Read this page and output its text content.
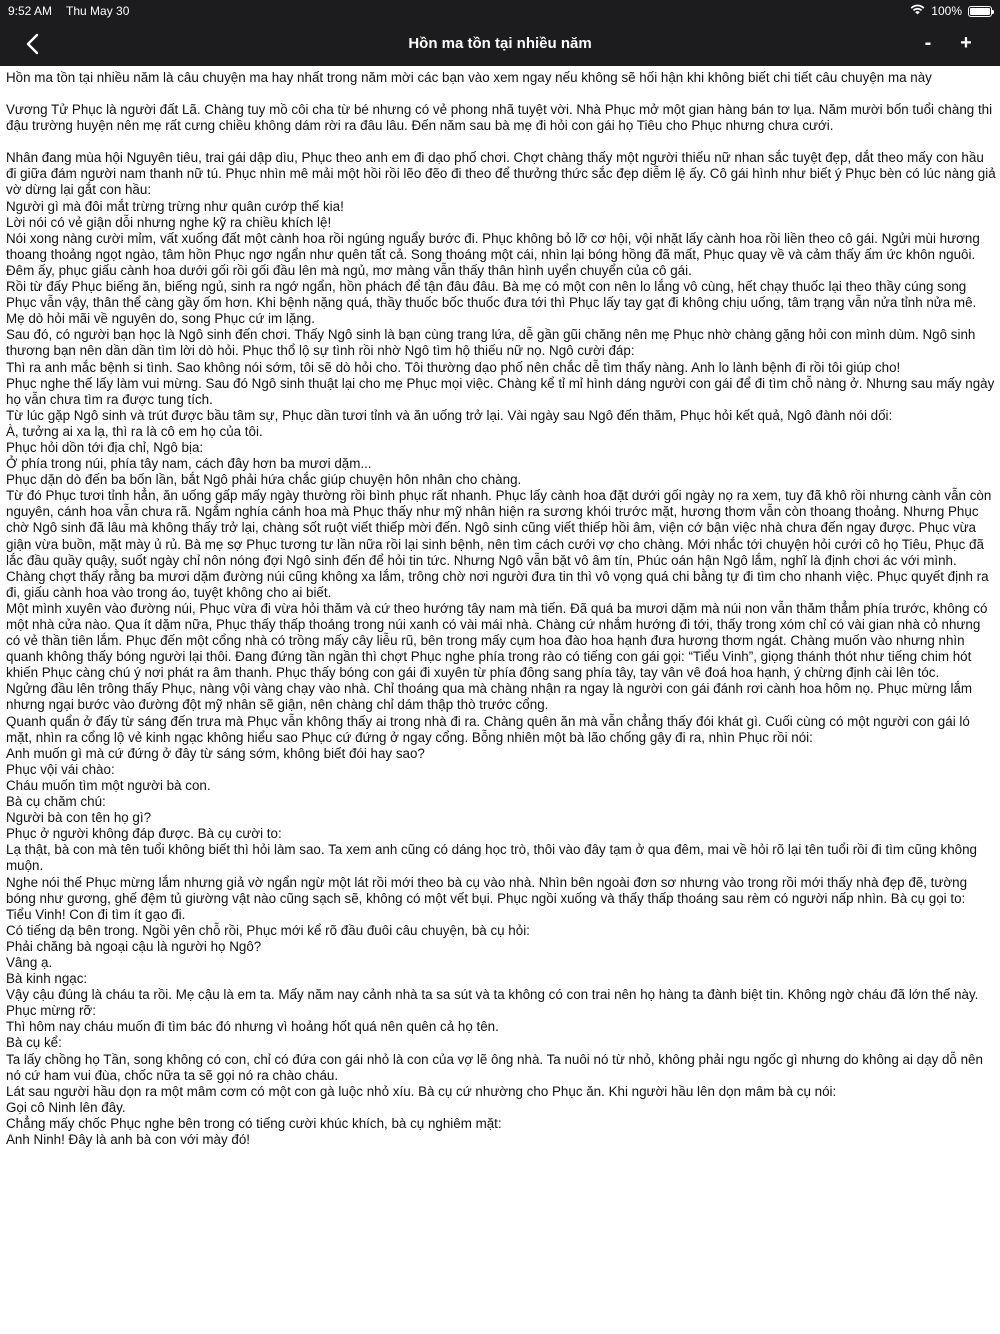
9:52 AM Thu May 30	100%
Hồn ma tồn tại nhiều năm	-	+

Hồn ma tồn tại nhiều năm là câu chuyện ma hay nhất trong năm mời các bạn vào xem ngay nếu không sẽ hối hận khi không biết chi tiết câu chuyện ma này

Vương Tử Phục là người đất Lã. Chàng tuy mồ côi cha từ bé nhưng có vẻ phong nhã tuyệt vời. Nhà Phục mở một gian hàng bán tơ lụa. Năm mười bốn tuổi chàng thi đậu trường huyện nên mẹ rất cưng chiều không dám rời ra đâu lâu. Đến năm sau bà mẹ đi hỏi con gái họ Tiêu cho Phục nhưng chưa cưới.

Nhân đang mùa hội Nguyên tiêu, trai gái dập dìu, Phục theo anh em đi dạo phố chơi. Chợt chàng thấy một người thiếu nữ nhan sắc tuyệt đẹp, dắt theo mấy con hầu đi giữa đám người nam thanh nữ tú. Phục nhìn mê mải một hồi rồi lẽo đẽo đi theo để thưởng thức sắc đẹp diễm lệ ấy. Cô gái hình như biết ý Phục bèn có lúc nàng giả vờ dừng lại gắt con hầu:

Người gì mà đôi mắt trừng trừng như quân cướp thế kia!

Lời nói có vẻ giận dỗi nhưng nghe kỹ ra chiều khích lệ!

Nói xong nàng cười mỉm, vất xuống đất một cành hoa rồi ngúng nguẩy bước đi. Phục không bỏ lỡ cơ hội, vội nhặt lấy cành hoa rồi liền theo cô gái. Ngửi mùi hương thoang thoảng ngọt ngào, tâm hồn Phục ngơ ngẩn như quên tất cả. Song thoáng một cái, nhìn lại bóng hồng đã mất, Phục quay về và cảm thấy ấm ức khôn nguôi. Đêm ấy, phục giấu cành hoa dưới gối rồi gối đầu lên mà ngủ, mơ màng vẫn thấy thân hình uyển chuyển của cô gái.

Rồi từ đấy Phục biếng ăn, biếng ngủ, sinh ra ngớ ngẩn, hồn phách để tận đâu đâu. Bà mẹ có một con nên lo lắng vô cùng, hết chạy thuốc lại theo thầy cúng song Phục vẫn vậy, thân thể càng gầy ốm hơn. Khi bệnh nặng quá, thầy thuốc bốc thuốc đưa tới thì Phục lấy tay gạt đi không chịu uống, tâm trạng vẫn nửa tỉnh nửa mê. Mẹ dò hỏi mãi về nguyên do, song Phục cứ im lặng.

Sau đó, có người bạn học là Ngô sinh đến chơi. Thấy Ngô sinh là bạn cùng trang lứa, dễ gần gũi chăng nên mẹ Phục nhờ chàng gặng hỏi con mình dùm. Ngô sinh thương bạn nên dần dần tìm lời dò hỏi. Phục thổ lộ sự tình rồi nhờ Ngô tìm hộ thiếu nữ nọ. Ngô cười đáp:

Thì ra anh mắc bệnh si tình. Sao không nói sớm, tôi sẽ dò hỏi cho. Tôi thường dạo phố nên chắc dễ tìm thấy nàng. Anh lo lành bệnh đi rồi tôi giúp cho!

Phục nghe thế lấy làm vui mừng. Sau đó Ngô sinh thuật lại cho mẹ Phục mọi việc. Chàng kể tỉ mỉ hình dáng người con gái để đi tìm chỗ nàng ở. Nhưng sau mấy ngày họ vẫn chưa tìm ra được tung tích.

Từ lúc gặp Ngô sinh và trút được bầu tâm sự, Phục dần tươi tỉnh và ăn uống trở lại. Vài ngày sau Ngô đến thăm, Phục hỏi kết quả, Ngô đành nói dối:

À, tưởng ai xa lạ, thì ra là cô em họ của tôi.

Phục hỏi dồn tới địa chỉ, Ngô bịa:

Ở phía trong núi, phía tây nam, cách đây hơn ba mươi dặm...

Phục dặn dò đến ba bốn lần, bắt Ngô phải hứa chắc giúp chuyện hôn nhân cho chàng.

Từ đó Phục tươi tỉnh hẳn, ăn uống gấp mấy ngày thường rồi bình phục rất nhanh. Phục lấy cành hoa đặt dưới gối ngày nọ ra xem, tuy đã khô rồi nhưng cành vẫn còn nguyên, cánh hoa vẫn chưa rã. Ngắm nghía cánh hoa mà Phục thấy như mỹ nhân hiện ra sương khói trước mặt, hương thơm vẫn còn thoang thoảng. Nhưng Phục chờ Ngô sinh đã lâu mà không thấy trở lại, chàng sốt ruột viết thiếp mời đến. Ngô sinh cũng viết thiếp hồi âm, viện cớ bận việc nhà chưa đến ngay được. Phục vừa giận vừa buồn, mặt mày ủ rủ. Bà mẹ sợ Phục tương tư lần nữa rồi lại sinh bệnh, nên tìm cách cưới vợ cho chàng. Mới nhắc tới chuyện hỏi cưới cô họ Tiêu, Phục đã lắc đầu quầy quậy, suốt ngày chỉ nôn nóng đợi Ngô sinh đến để hỏi tin tức. Nhưng Ngô vẫn bặt vô âm tín, Phúc oán hận Ngô lắm, nghĩ là định chơi ác với mình. Chàng chợt thấy rằng ba mươi dặm đường núi cũng không xa lắm, trông chờ nơi người đưa tin thì vô vọng quá chi bằng tự đi tìm cho nhanh việc. Phục quyết định ra đi, giấu cành hoa vào trong áo, tuyệt không cho ai biết.

Một mình xuyên vào đường núi, Phục vừa đi vừa hỏi thăm và cứ theo hướng tây nam mà tiến. Đã quá ba mươi dặm mà núi non vẫn thăm thẳm phía trước, không có một nhà cửa nào. Qua ít dặm nữa, Phục thấy thấp thoáng trong núi xanh có vài mái nhà. Chàng cứ nhắm hướng đi tới, thấy trong xóm chỉ có vài gian nhà cỏ nhưng có vẻ thần tiên lắm. Phục đến một cổng nhà có trồng mấy cây liễu rũ, bên trong mấy cụm hoa đào hoa hạnh đưa hương thơm ngát. Chàng muốn vào nhưng nhìn quanh không thấy bóng người lại thôi. Đang đứng tần ngần thì chợt Phục nghe phía trong rào có tiếng con gái gọi: “Tiểu Vinh”, giọng thánh thót như tiếng chim hót khiến Phục càng chú ý nơi phát ra âm thanh. Phục thấy bóng con gái đi xuyên từ phía đông sang phía tây, tay vân vê đoá hoa hạnh, ý chừng định cài lên tóc.

Ngửng đầu lên trông thấy Phục, nàng vội vàng chạy vào nhà. Chỉ thoáng qua mà chàng nhận ra ngay là người con gái đánh rơi cành hoa hôm nọ. Phục mừng lắm nhưng ngại bước vào đường đột mỹ nhân sẽ giận, nên chàng chỉ dám thập thò trước cổng.

Quanh quẩn ở đấy từ sáng đến trưa mà Phục vẫn không thấy ai trong nhà đi ra. Chàng quên ăn mà vẫn chẳng thấy đói khát gì. Cuối cùng có một người con gái ló mặt, nhìn ra cổng lộ vẻ kinh ngạc không hiểu sao Phục cứ đứng ở ngay cổng. Bỗng nhiên một bà lão chống gậy đi ra, nhìn Phục rồi nói:

Anh muốn gì mà cứ đứng ở đây từ sáng sớm, không biết đói hay sao?

Phục vội vái chào:

Cháu muốn tìm một người bà con.

Bà cụ chăm chú:

Người bà con tên họ gì?

Phục ở người không đáp được. Bà cụ cười to:

Lạ thật, bà con mà tên tuổi không biết thì hỏi làm sao. Ta xem anh cũng có dáng học trò, thôi vào đây tạm ở qua đêm, mai về hỏi rõ lại tên tuổi rồi đi tìm cũng không muộn.

Nghe nói thế Phục mừng lắm nhưng giả vờ ngẩn ngừ một lát rồi mới theo bà cụ vào nhà. Nhìn bên ngoài đơn sơ nhưng vào trong rồi mới thấy nhà đẹp đẽ, tường bóng như gương, ghế đệm tủ giường vật nào cũng sạch sẽ, không có một vết bụi. Phục ngồi xuống và thấy thấp thoáng sau rèm có người nấp nhìn. Bà cụ gọi to:

Tiểu Vinh! Con đi tìm ít gạo đi.

Có tiếng dạ bên trong. Ngồi yên chỗ rồi, Phục mới kể rõ đầu đuôi câu chuyện, bà cụ hỏi:

Phải chăng bà ngoại cậu là người họ Ngô?

Vâng ạ.

Bà kinh ngạc:

Vậy cậu đúng là cháu ta rồi. Mẹ cậu là em ta. Mấy năm nay cảnh nhà ta sa sút và ta không có con trai nên họ hàng ta đành biệt tin. Không ngờ cháu đã lớn thế này.

Phục mừng rỡ:

Thì hôm nay cháu muốn đi tìm bác đó nhưng vì hoảng hốt quá nên quên cả họ tên.

Bà cụ kể:

Ta lấy chồng họ Tần, song không có con, chỉ có đứa con gái nhỏ là con của vợ lẽ ông nhà. Ta nuôi nó từ nhỏ, không phải ngu ngốc gì nhưng do không ai dạy dỗ nên nó cứ ham vui đùa, chốc nữa ta sẽ gọi nó ra chào cháu.

Lát sau người hầu dọn ra một mâm cơm có một con gà luộc nhỏ xíu. Bà cụ cứ nhường cho Phục ăn. Khi người hầu lên dọn mâm bà cụ nói:

Gọi cô Ninh lên đây.

Chẳng mấy chốc Phục nghe bên trong có tiếng cười khúc khích, bà cụ nghiêm mặt:

Anh Ninh! Đây là anh bà con với mày đó!
